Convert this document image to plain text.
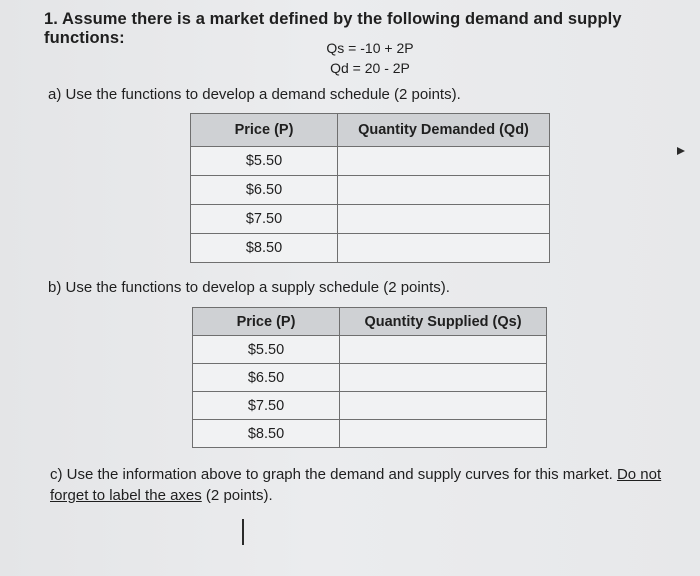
1. Assume there is a market defined by the following demand and supply functions:
Qs = -10 + 2P
Qd = 20 - 2P
a) Use the functions to develop a demand schedule (2 points).
Price (P)	Quantity Demanded (Qd)
$5.50	
$6.50	
$7.50	
$8.50	
b) Use the functions to develop a supply schedule (2 points).
Price (P)	Quantity Supplied (Qs)
$5.50	
$6.50	
$7.50	
$8.50	
c) Use the information above to graph the demand and supply curves for this market. Do not forget to label the axes (2 points).
